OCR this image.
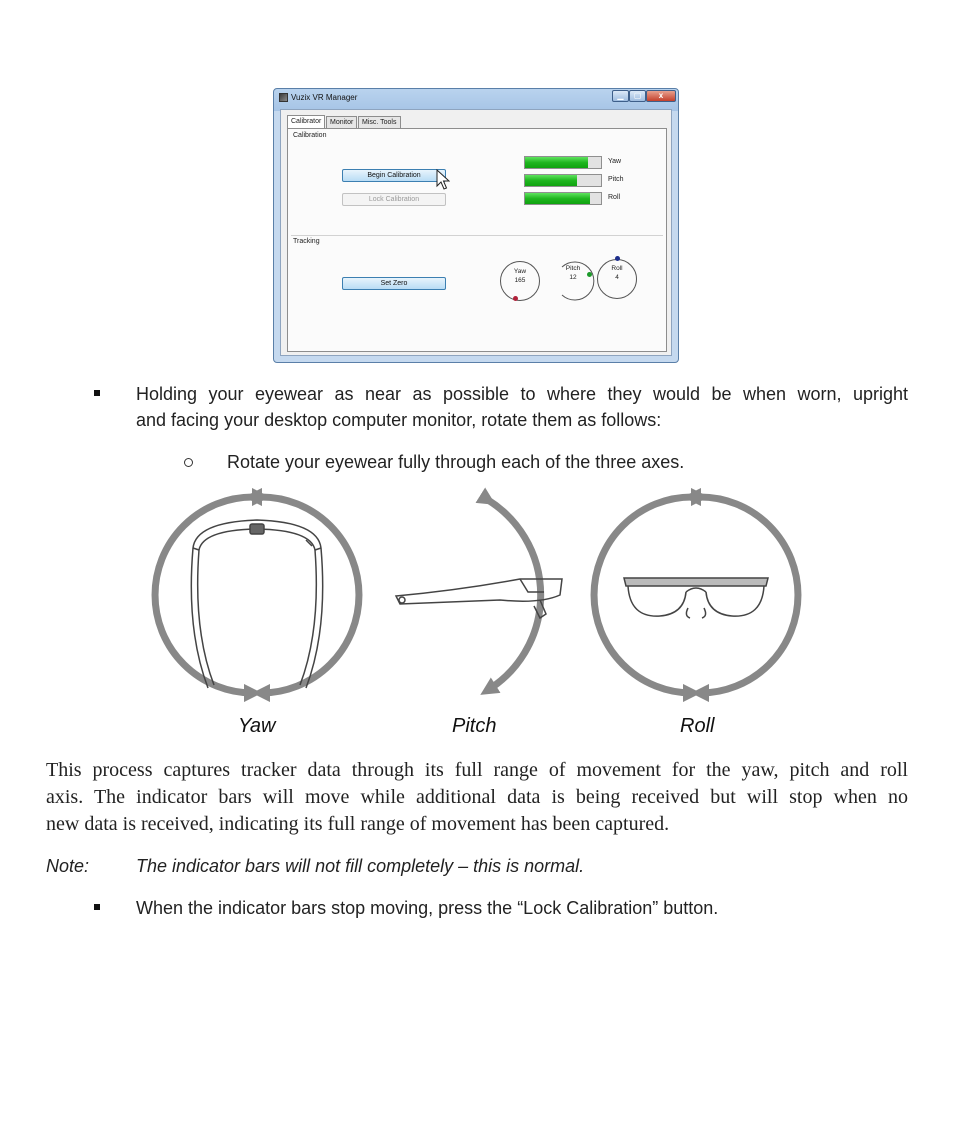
Vuzix VR Manager	▁	▢	x
Calibrator	Monitor	Misc. Tools
Calibration
Begin Calibration
Lock Calibration
Yaw
Pitch
Roll
Tracking
Set Zero
Yaw
165
Pitch
12
Roll
4
Holding your eyewear as near as possible to where they would be when worn, upright
and facing your desktop computer monitor, rotate them as follows:
Rotate your eyewear fully through each of the three axes.
Yaw	Pitch	Roll
This process captures tracker data through its full range of movement for the yaw, pitch and roll
axis. The indicator bars will move while additional data is being received but will stop when no
new data is received, indicating its full range of movement has been captured.
Note:	The indicator bars will not fill completely – this is normal.
When the indicator bars stop moving, press the “Lock Calibration” button.
